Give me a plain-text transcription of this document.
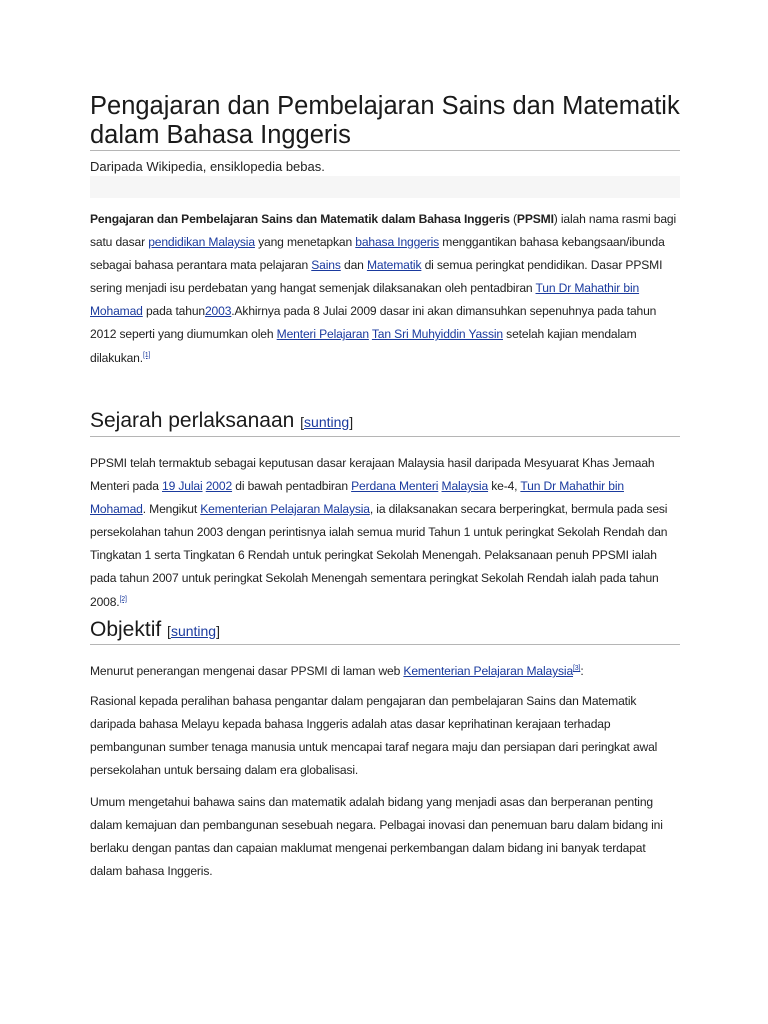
Pengajaran dan Pembelajaran Sains dan Matematik dalam Bahasa Inggeris
Daripada Wikipedia, ensiklopedia bebas.

Pengajaran dan Pembelajaran Sains dan Matematik dalam Bahasa Inggeris (PPSMI) ialah nama rasmi bagi satu dasar pendidikan Malaysia yang menetapkan bahasa Inggeris menggantikan bahasa kebangsaan/ibunda sebagai bahasa perantara mata pelajaran Sains dan Matematik di semua peringkat pendidikan. Dasar PPSMI sering menjadi isu perdebatan yang hangat semenjak dilaksanakan oleh pentadbiran Tun Dr Mahathir bin Mohamad pada tahun2003.Akhirnya pada 8 Julai 2009 dasar ini akan dimansuhkan sepenuhnya pada tahun 2012 seperti yang diumumkan oleh Menteri Pelajaran Tan Sri Muhyiddin Yassin setelah kajian mendalam dilakukan.[1]

Sejarah perlaksanaan [sunting]

PPSMI telah termaktub sebagai keputusan dasar kerajaan Malaysia hasil daripada Mesyuarat Khas Jemaah Menteri pada 19 Julai 2002 di bawah pentadbiran Perdana Menteri Malaysia ke-4, Tun Dr Mahathir bin Mohamad. Mengikut Kementerian Pelajaran Malaysia, ia dilaksanakan secara berperingkat, bermula pada sesi persekolahan tahun 2003 dengan perintisnya ialah semua murid Tahun 1 untuk peringkat Sekolah Rendah dan Tingkatan 1 serta Tingkatan 6 Rendah untuk peringkat Sekolah Menengah. Pelaksanaan penuh PPSMI ialah pada tahun 2007 untuk peringkat Sekolah Menengah sementara peringkat Sekolah Rendah ialah pada tahun 2008.[2]

Objektif [sunting]

Menurut penerangan mengenai dasar PPSMI di laman web Kementerian Pelajaran Malaysia[3]:

Rasional kepada peralihan bahasa pengantar dalam pengajaran dan pembelajaran Sains dan Matematik daripada bahasa Melayu kepada bahasa Inggeris adalah atas dasar keprihatinan kerajaan terhadap pembangunan sumber tenaga manusia untuk mencapai taraf negara maju dan persiapan dari peringkat awal persekolahan untuk bersaing dalam era globalisasi.

Umum mengetahui bahawa sains dan matematik adalah bidang yang menjadi asas dan berperanan penting dalam kemajuan dan pembangunan sesebuah negara. Pelbagai inovasi dan penemuan baru dalam bidang ini berlaku dengan pantas dan capaian maklumat mengenai perkembangan dalam bidang ini banyak terdapat dalam bahasa Inggeris.
